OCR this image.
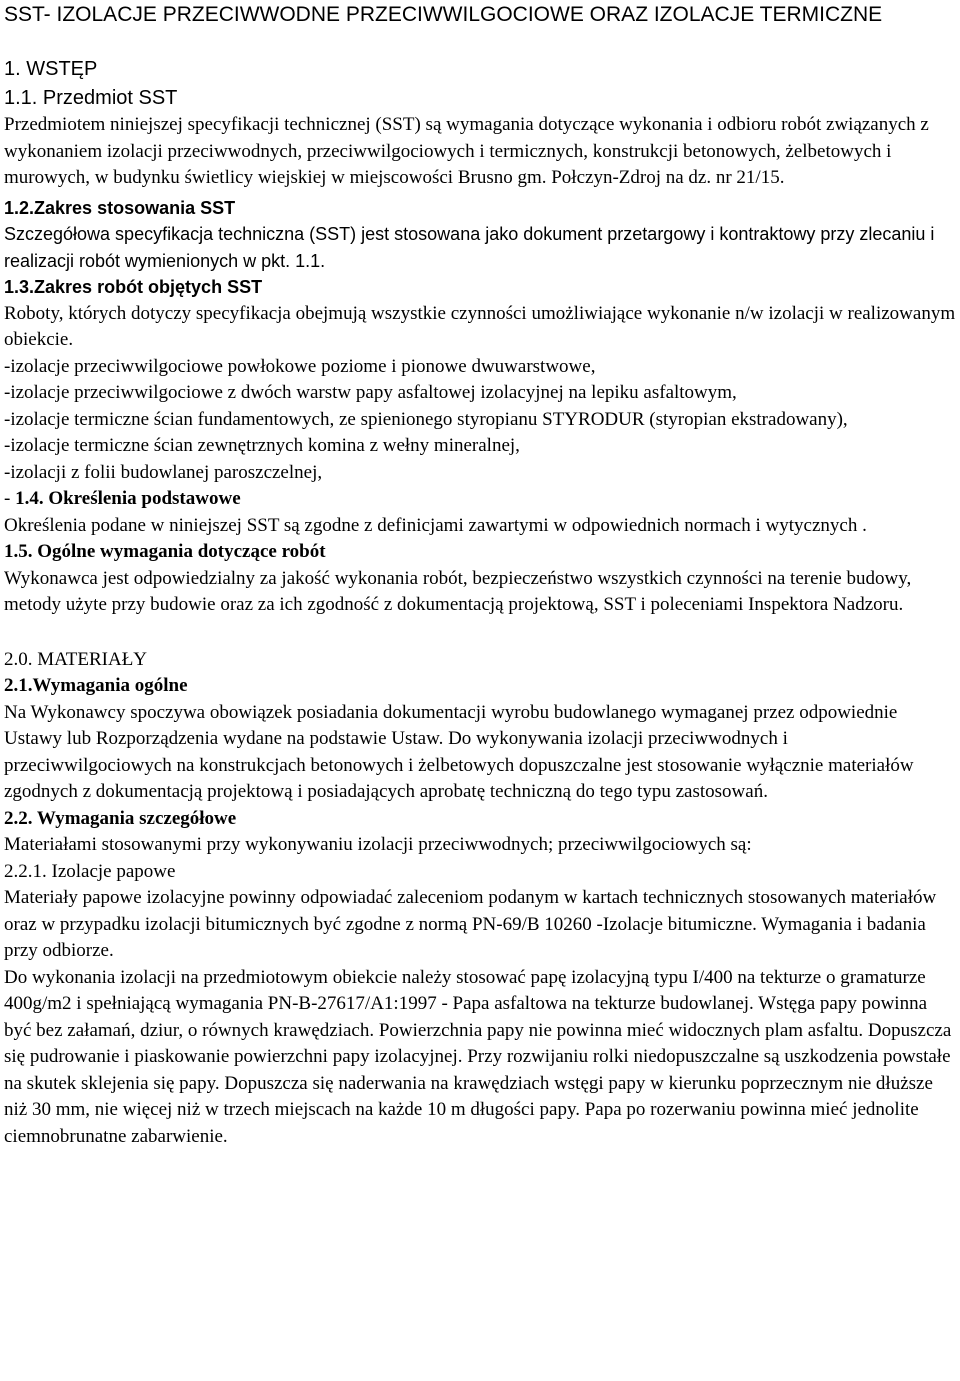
SST- IZOLACJE PRZECIWWODNE PRZECIWWILGOCIOWE ORAZ IZOLACJE TERMICZNE
1. WSTĘP
1.1. Przedmiot SST

Przedmiotem niniejszej specyfikacji technicznej (SST) są wymagania dotyczące wykonania i odbioru robót związanych z wykonaniem izolacji przeciwwodnych, przeciwwilgociowych i termicznych, konstrukcji betonowych, żelbetowych i murowych, w budynku świetlicy wiejskiej w miejscowości Brusno gm. Połczyn-Zdroj na dz. nr 21/15.

1.2.Zakres stosowania SST

Szczegółowa specyfikacja techniczna (SST) jest stosowana jako dokument przetargowy i kontraktowy przy zlecaniu i realizacji robót wymienionych w pkt. 1.1.

1.3.Zakres robót objętych SST

Roboty, których dotyczy specyfikacja obejmują wszystkie czynności umożliwiające wykonanie n/w izolacji w realizowanym obiekcie.

-izolacje przeciwwilgociowe powłokowe poziome i pionowe dwuwarstwowe,
-izolacje przeciwwilgociowe z dwóch warstw papy asfaltowej izolacyjnej na lepiku asfaltowym,
-izolacje termiczne ścian fundamentowych, ze spienionego styropianu STYRODUR (styropian ekstradowany),
-izolacje termiczne ścian zewnętrznych komina z wełny mineralnej,
-izolacji z folii budowlanej paroszczelnej,
- 1.4. Określenia podstawowe

Określenia podane w niniejszej SST są zgodne z definicjami zawartymi w odpowiednich normach i wytycznych .

1.5. Ogólne wymagania dotyczące robót

Wykonawca jest odpowiedzialny za jakość wykonania robót, bezpieczeństwo wszystkich czynności na terenie budowy, metody użyte przy budowie oraz za ich zgodność z dokumentacją projektową, SST i poleceniami Inspektora Nadzoru.

2.0. MATERIAŁY
2.1.Wymagania ogólne

Na Wykonawcy spoczywa obowiązek posiadania dokumentacji wyrobu budowlanego wymaganej przez odpowiednie Ustawy lub Rozporządzenia wydane na podstawie Ustaw. Do wykonywania izolacji przeciwwodnych i przeciwwilgociowych na konstrukcjach betonowych i żelbetowych dopuszczalne jest stosowanie wyłącznie materiałów zgodnych z dokumentacją projektową i posiadających aprobatę techniczną do tego typu zastosowań.

2.2. Wymagania szczegółowe

Materiałami stosowanymi przy wykonywaniu izolacji przeciwwodnych; przeciwwilgociowych są:

2.2.1. Izolacje papowe

Materiały papowe izolacyjne powinny odpowiadać zaleceniom podanym w kartach technicznych stosowanych materiałów oraz w przypadku izolacji bitumicznych być zgodne z normą PN-69/B 10260 -Izolacje bitumiczne. Wymagania i badania przy odbiorze.

Do wykonania izolacji na przedmiotowym obiekcie należy stosować papę izolacyjną typu I/400 na tekturze o gramaturze 400g/m2 i spełniającą wymagania PN-B-27617/A1:1997 - Papa asfaltowa na tekturze budowlanej. Wstęga papy powinna być bez załamań, dziur, o równych krawędziach. Powierzchnia papy nie powinna mieć widocznych plam asfaltu. Dopuszcza się pudrowanie i piaskowanie powierzchni papy izolacyjnej. Przy rozwijaniu rolki niedopuszczalne są uszkodzenia powstałe na skutek sklejenia się papy. Dopuszcza się naderwania na krawędziach wstęgi papy w kierunku poprzecznym nie dłuższe niż 30 mm, nie więcej niż w trzech miejscach na każde 10 m długości papy. Papa po rozerwaniu powinna mieć jednolite ciemnobrunatne zabarwienie.
